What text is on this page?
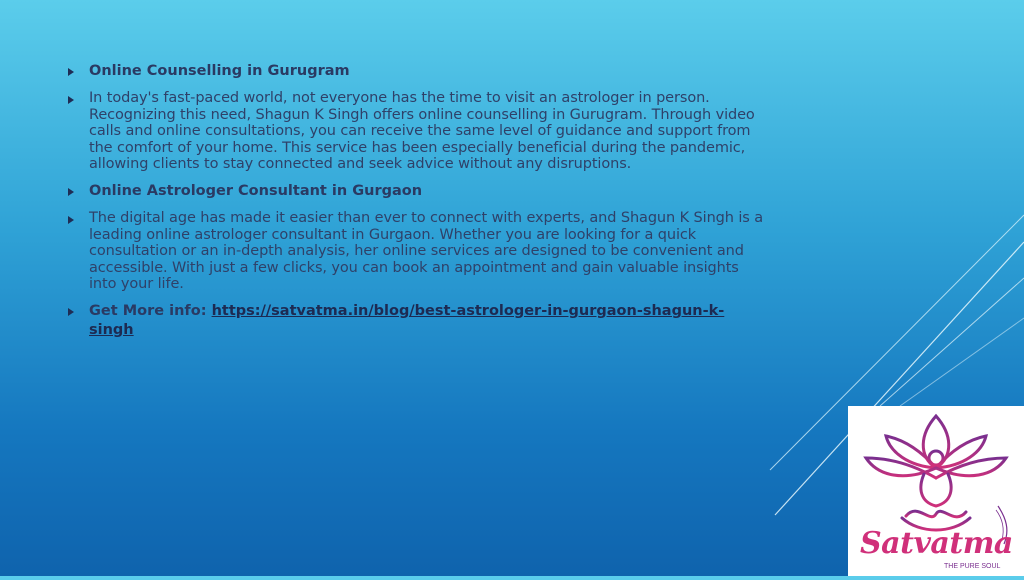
Online Counselling in Gurugram
In today's fast-paced world, not everyone has the time to visit an astrologer in person. Recognizing this need, Shagun K Singh offers online counselling in Gurugram. Through video calls and online consultations, you can receive the same level of guidance and support from the comfort of your home. This service has been especially beneficial during the pandemic, allowing clients to stay connected and seek advice without any disruptions.
Online Astrologer Consultant in Gurgaon
The digital age has made it easier than ever to connect with experts, and Shagun K Singh is a leading online astrologer consultant in Gurgaon. Whether you are looking for a quick consultation or an in-depth analysis, her online services are designed to be convenient and accessible. With just a few clicks, you can book an appointment and gain valuable insights into your life.
Get More info: https://satvatma.in/blog/best-astrologer-in-gurgaon-shagun-k-singh
Satvatma
THE PURE SOUL
